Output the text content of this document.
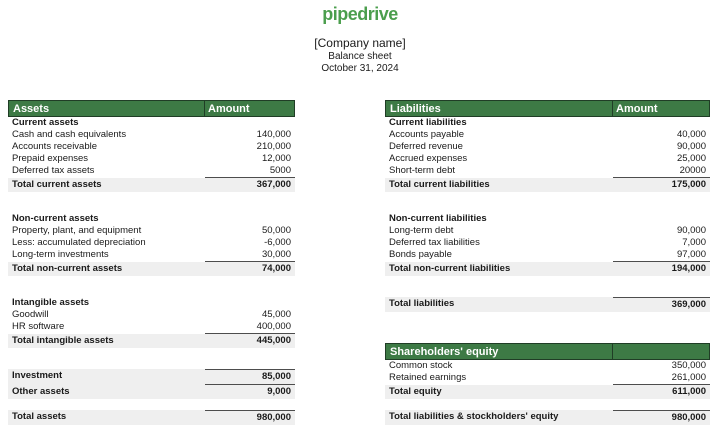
pipedrive
[Company name]
Balance sheet
October 31, 2024
Assets	Amount
Current assets
Cash and cash equivalents	140,000
Accounts receivable	210,000
Prepaid expenses	12,000
Deferred tax assets	5000
Total current assets	367,000
Non-current assets
Property, plant, and equipment	50,000
Less: accumulated depreciation	-6,000
Long-term investments	30,000
Total non-current assets	74,000
Intangible assets
Goodwill	45,000
HR software	400,000
Total intangible assets	445,000
Investment	85,000
Other assets	9,000
Total assets	980,000
Liabilities	Amount
Current liabilities
Accounts payable	40,000
Deferred revenue	90,000
Accrued expenses	25,000
Short-term debt	20000
Total current liabilities	175,000
Non-current liabilities
Long-term debt	90,000
Deferred tax liabilities	7,000
Bonds payable	97,000
Total non-current liabilities	194,000
Total liabilities	369,000
Shareholders' equity
Common stock	350,000
Retained earnings	261,000
Total equity	611,000
Total liabilities & stockholders' equity	980,000
